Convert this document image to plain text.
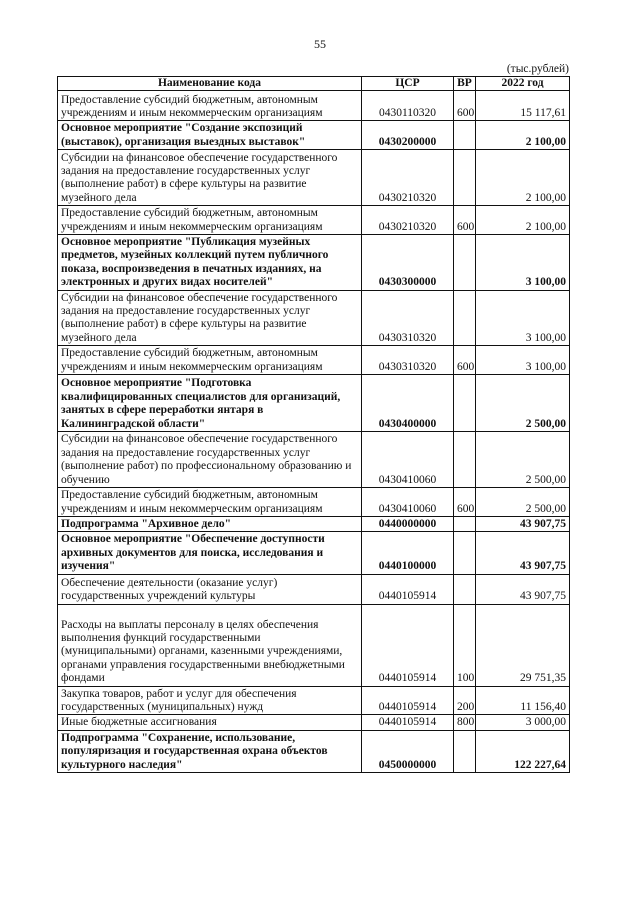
55
(тыс.рублей)
Наименование кода	ЦСР	ВР	2022 год
Предоставление субсидий бюджетным, автономным учреждениям и иным некоммерческим организациям	0430110320	600	15 117,61
Основное мероприятие "Создание экспозиций (выставок), организация выездных выставок"	0430200000		2 100,00
Субсидии на финансовое обеспечение государственного задания на предоставление государственных услуг (выполнение работ) в сфере культуры на развитие музейного дела	0430210320		2 100,00
Предоставление субсидий бюджетным, автономным учреждениям и иным некоммерческим организациям	0430210320	600	2 100,00
Основное мероприятие "Публикация музейных предметов, музейных коллекций путем публичного показа, воспроизведения в печатных изданиях, на электронных и других видах носителей"	0430300000		3 100,00
Субсидии на финансовое обеспечение государственного задания на предоставление государственных услуг (выполнение работ) в сфере культуры на развитие музейного дела	0430310320		3 100,00
Предоставление субсидий бюджетным, автономным учреждениям и иным некоммерческим организациям	0430310320	600	3 100,00
Основное мероприятие "Подготовка квалифицированных специалистов для организаций, занятых в сфере переработки янтаря в Калининградской области"	0430400000		2 500,00
Субсидии на финансовое обеспечение государственного задания на предоставление государственных услуг (выполнение работ) по профессиональному образованию и обучению	0430410060		2 500,00
Предоставление субсидий бюджетным, автономным учреждениям и иным некоммерческим организациям	0430410060	600	2 500,00
Подпрограмма "Архивное дело"	0440000000		43 907,75
Основное мероприятие "Обеспечение доступности архивных документов для поиска, исследования и изучения"	0440100000		43 907,75
Обеспечение деятельности (оказание услуг) государственных учреждений культуры	0440105914		43 907,75
Расходы на выплаты персоналу в целях обеспечения выполнения функций государственными (муниципальными) органами, казенными учреждениями, органами управления государственными внебюджетными фондами	0440105914	100	29 751,35
Закупка товаров, работ и услуг для обеспечения государственных (муниципальных) нужд	0440105914	200	11 156,40
Иные бюджетные ассигнования	0440105914	800	3 000,00
Подпрограмма "Сохранение, использование, популяризация и государственная охрана объектов культурного наследия"	0450000000		122 227,64
